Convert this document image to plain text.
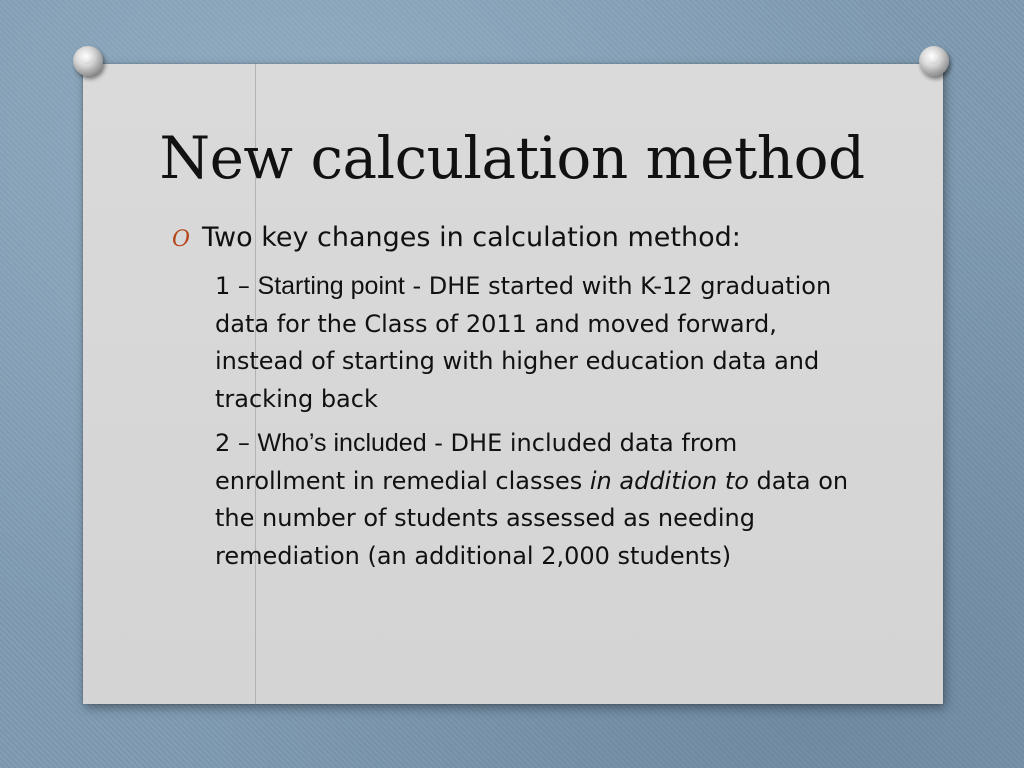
New calculation method
O Two key changes in calculation method:
1 – Starting point - DHE started with K-12 graduation data for the Class of 2011 and moved forward, instead of starting with higher education data and tracking back
2 – Who’s included - DHE included data from enrollment in remedial classes in addition to data on the number of students assessed as needing remediation (an additional 2,000 students)
